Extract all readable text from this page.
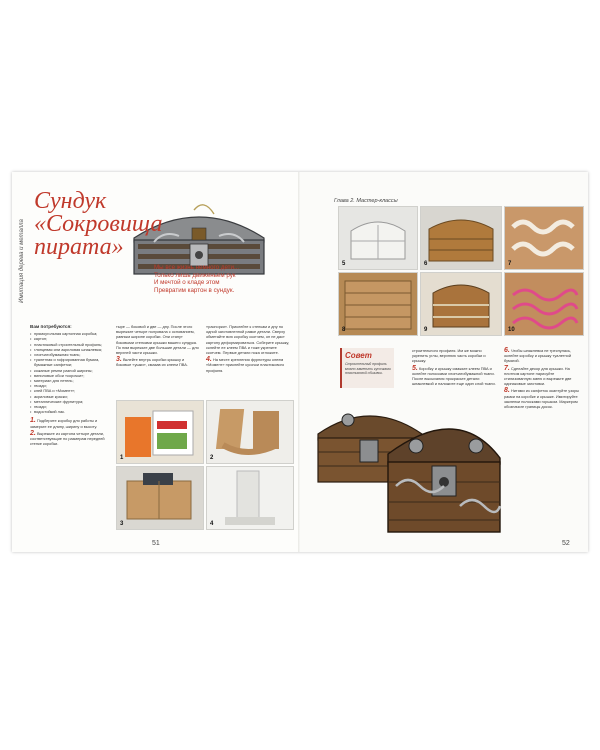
Имитация дерева и металла
Сундук
«Сокровища
пирата»
Мы все жизнь немного дети...
Только лишь движеньем рук
И мечтой о кладе этом
Превратим картон в сундук.
Вам потребуются:
• прямоугольная картонная коробка;
• картон;
• пластиковый строительный профиль;
• глянцевая или акриловая шпаклевка;
• хлопчатобумажная ткань;
• туалетная и гофрированная бумага, бумажные салфетки;
• кожаные ремни разной ширины;
• виниловые обои «корочки»;
• материал для петель;
• гвозди;
• клей ПВА и «Момент»;
• акриловые краски;
• металлические фурнитура;
• гвозди;
• водостойкий лак.

1. Подберите коробку для работы и замерьте ее длину, ширину и высоту.

2. Вырежьте из картона четыре детали, соответствующие по размерам передней стенке коробки.

тыре — боковой и две — дну. После этого вырежьте четыре полуовала с основанием, равным ширине коробки. Они станут боковыми стенками крышки вашего сундука. По ним вырежьте две большие детали — для верхней части крышки.

3. Вклейте внутрь коробки крышку и боковые «ушки», смазав их клеем ПВА.

«распорки». Приклейте к стенкам и дну по одной заготовленной рамке детали. Сверху обметайте всю коробку скотчем, он не даст картону деформироваться. Соберите крышку, склейте ее клеем ПВА и тоже укрепите скотчем. Первые детали пока отложите.

4. На месте крепления фурнитуры клеем «Момент» приклейте кусочки пластикового профиля.

1	2
3	4
51
Глава 2. Мастер-классы
5	6	7
8	9	10
Совет
Строительный профиль можно заменить кусочками пластиковой обшивки.

строительного профиля. Им же можно укрепить углы, верхнюю часть коробки и крышку.

5. Коробку и крышку смажьте клеем ПВА и оклейте полосками хлопчатобумажной ткани. После высыхания прокрасьте детали шпаклевкой и наложите еще один слой ткани.

6. Чтобы шпаклевка не треснулась, оклейте коробку и крышку туалетной бумагой.

7. Сделайте декор для крышки. На плотном картоне нарисуйте стилизованную змею и вырежьте две одинаковые заготовки.

8. Нитями из салфеток окантуйте узоры рамки на коробке и крышке. Имитируйте заклепки полосками горшком. Маркером обозначьте границы досок.

52
